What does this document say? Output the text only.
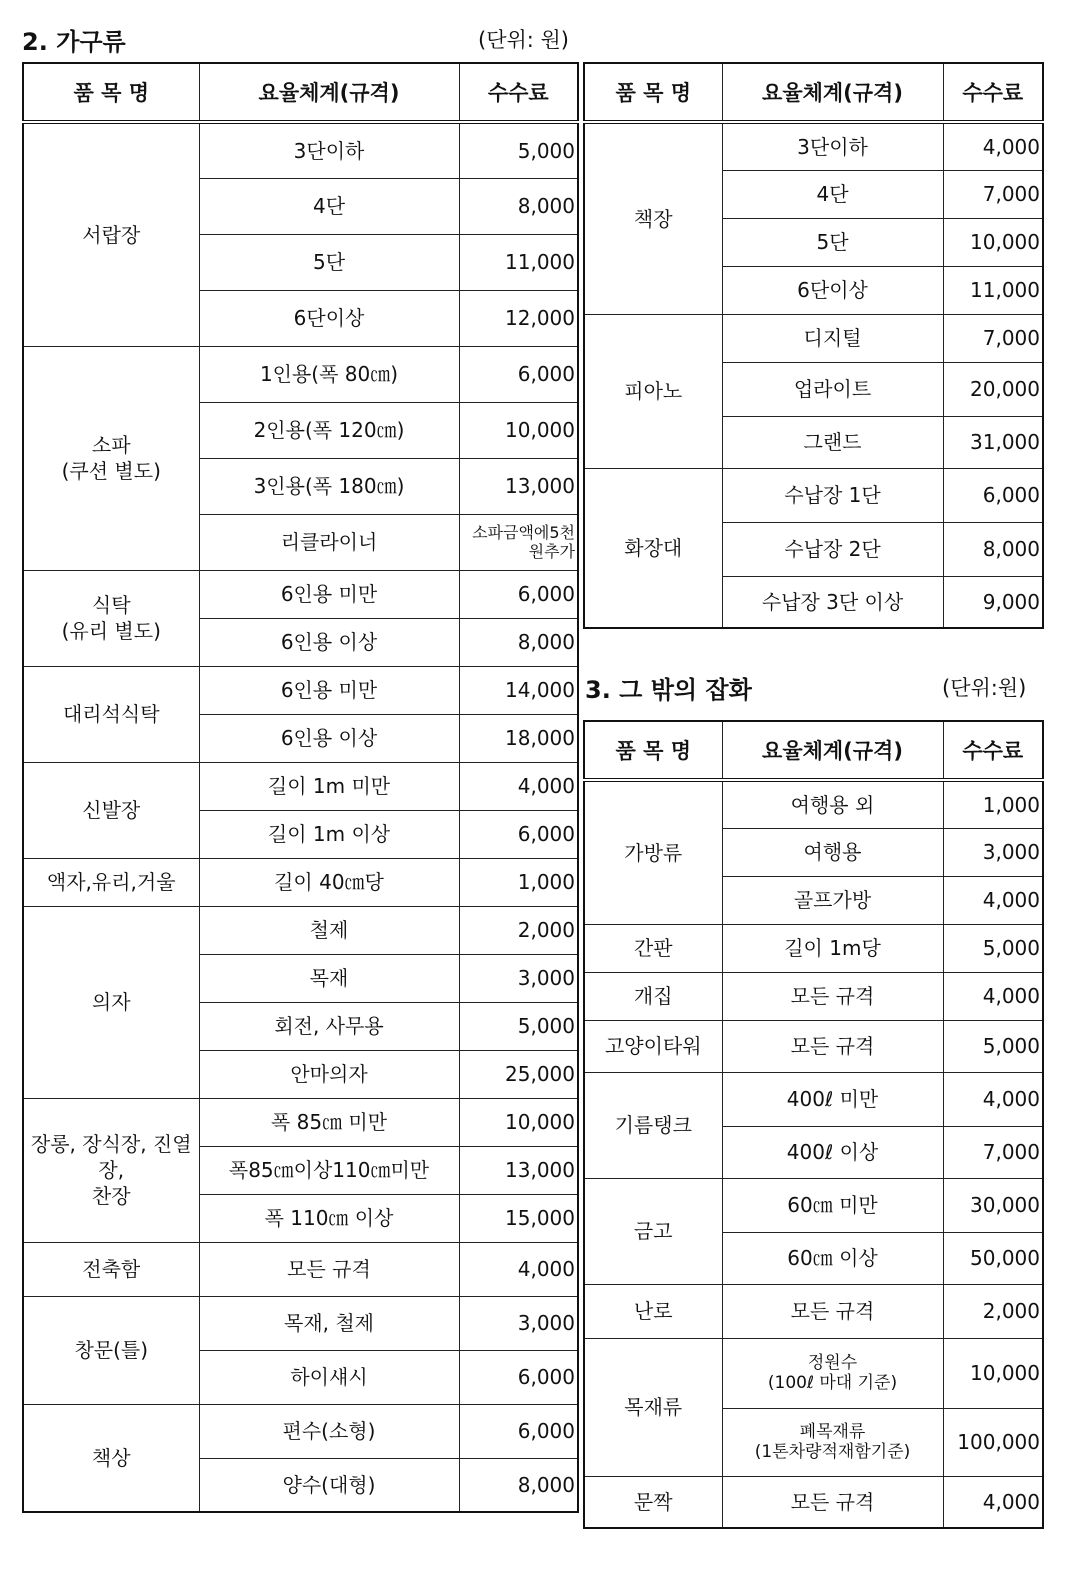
2. 가구류	(단위: 원)
품 목 명	요율체계(규격)	수수료
서랍장	3단이하	5,000
	4단	8,000
	5단	11,000
	6단이상	12,000
소파
(쿠션 별도)	1인용(폭 80㎝)	6,000
	2인용(폭 120㎝)	10,000
	3인용(폭 180㎝)	13,000
	리클라이너	소파금액에5천원추가
식탁
(유리 별도)	6인용 미만	6,000
	6인용 이상	8,000
대리석식탁	6인용 미만	14,000
	6인용 이상	18,000
신발장	길이 1m 미만	4,000
	길이 1m 이상	6,000
액자,유리,거울	길이 40㎝당	1,000
의자	철제	2,000
	목재	3,000
	회전, 사무용	5,000
	안마의자	25,000
장롱, 장식장, 진열장,
찬장	폭 85㎝ 미만	10,000
	폭85㎝이상110㎝미만	13,000
	폭 110㎝ 이상	15,000
전축함	모든 규격	4,000
창문(틀)	목재, 철제	3,000
	하이섀시	6,000
책상	편수(소형)	6,000
	양수(대형)	8,000
품 목 명	요율체계(규격)	수수료
책장	3단이하	4,000
	4단	7,000
	5단	10,000
	6단이상	11,000
피아노	디지털	7,000
	업라이트	20,000
	그랜드	31,000
화장대	수납장 1단	6,000
	수납장 2단	8,000
	수납장 3단 이상	9,000
3. 그 밖의 잡화	(단위:원)
품 목 명	요율체계(규격)	수수료
가방류	여행용 외	1,000
	여행용	3,000
	골프가방	4,000
간판	길이 1m당	5,000
개집	모든 규격	4,000
고양이타워	모든 규격	5,000
기름탱크	400ℓ 미만	4,000
	400ℓ 이상	7,000
금고	60㎝ 미만	30,000
	60㎝ 이상	50,000
난로	모든 규격	2,000
목재류	정원수
(100ℓ 마대 기준)	10,000
	폐목재류
(1톤차량적재함기준)	100,000
문짝	모든 규격	4,000
